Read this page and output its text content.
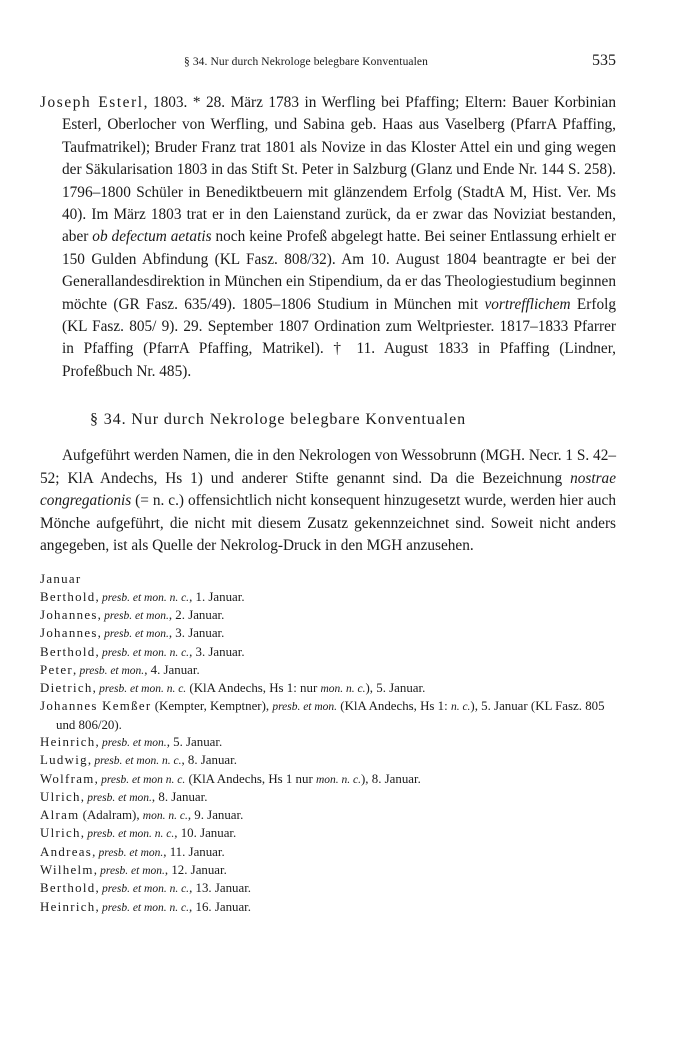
§ 34. Nur durch Nekrologe belegbare Konventualen	535
Joseph Esterl, 1803. * 28. März 1783 in Werfling bei Pfaffing; Eltern: Bauer Korbinian Esterl, Oberlocher von Werfling, und Sabina geb. Haas aus Vaselberg (PfarrA Pfaffing, Taufmatrikel); Bruder Franz trat 1801 als Novize in das Kloster Attel ein und ging wegen der Säkularisation 1803 in das Stift St. Peter in Salzburg (Glanz und Ende Nr. 144 S. 258). 1796–1800 Schüler in Benediktbeuern mit glänzendem Erfolg (StadtA M, Hist. Ver. Ms 40). Im März 1803 trat er in den Laienstand zurück, da er zwar das Noviziat bestanden, aber ob defectum aetatis noch keine Profeß abgelegt hatte. Bei seiner Entlassung erhielt er 150 Gulden Abfindung (KL Fasz. 808/32). Am 10. August 1804 beantragte er bei der Generallandesdirektion in München ein Stipendium, da er das Theologiestudium beginnen möchte (GR Fasz. 635/49). 1805–1806 Studium in München mit vortrefflichem Erfolg (KL Fasz. 805/ 9). 29. September 1807 Ordination zum Weltpriester. 1817–1833 Pfarrer in Pfaffing (PfarrA Pfaffing, Matrikel). † 11. August 1833 in Pfaffing (Lindner, Profeßbuch Nr. 485).
§ 34. Nur durch Nekrologe belegbare Konventualen
Aufgeführt werden Namen, die in den Nekrologen von Wessobrunn (MGH. Necr. 1 S. 42–52; KlA Andechs, Hs 1) und anderer Stifte genannt sind. Da die Bezeichnung nostrae congregationis (= n. c.) offensichtlich nicht konsequent hinzugesetzt wurde, werden hier auch Mönche aufgeführt, die nicht mit diesem Zusatz gekennzeichnet sind. Soweit nicht anders angegeben, ist als Quelle der Nekrolog-Druck in den MGH anzusehen.
Januar
Berthold, presb. et mon. n. c., 1. Januar.
Johannes, presb. et mon., 2. Januar.
Johannes, presb. et mon., 3. Januar.
Berthold, presb. et mon. n. c., 3. Januar.
Peter, presb. et mon., 4. Januar.
Dietrich, presb. et mon. n. c. (KlA Andechs, Hs 1: nur mon. n. c.), 5. Januar.
Johannes Kemßer (Kempter, Kemptner), presb. et mon. (KlA Andechs, Hs 1: n. c.), 5. Januar (KL Fasz. 805 und 806/20).
Heinrich, presb. et mon., 5. Januar.
Ludwig, presb. et mon. n. c., 8. Januar.
Wolfram, presb. et mon n. c. (KlA Andechs, Hs 1 nur mon. n. c.), 8. Januar.
Ulrich, presb. et mon., 8. Januar.
Alram (Adalram), mon. n. c., 9. Januar.
Ulrich, presb. et mon. n. c., 10. Januar.
Andreas, presb. et mon., 11. Januar.
Wilhelm, presb. et mon., 12. Januar.
Berthold, presb. et mon. n. c., 13. Januar.
Heinrich, presb. et mon. n. c., 16. Januar.
